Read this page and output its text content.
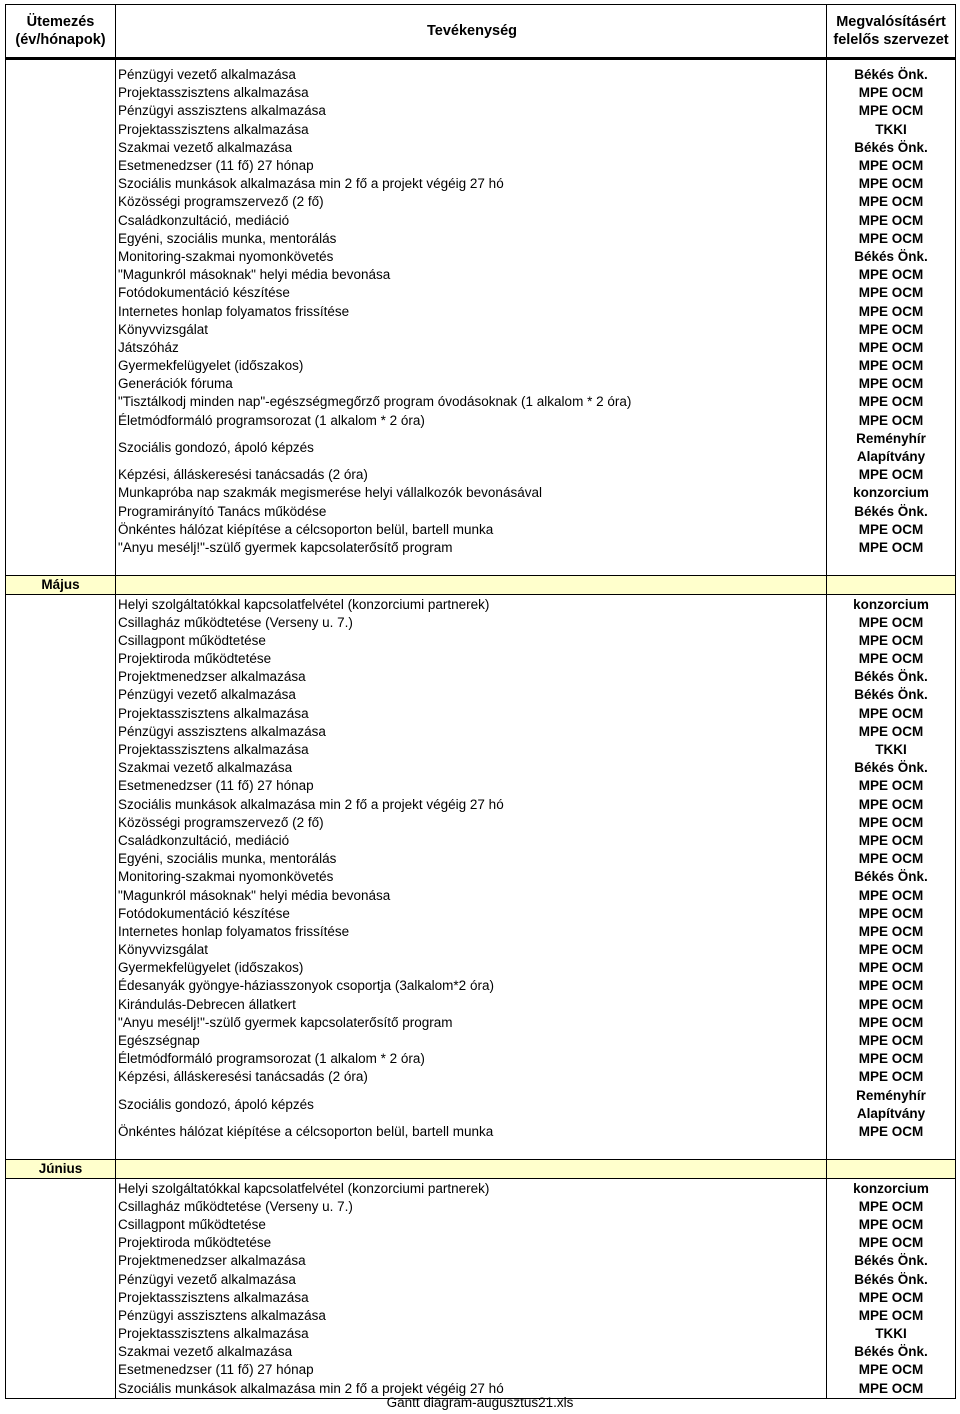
Ütemezés (év/hónapok)	Tevékenység	Megvalósításért felelős szervezet

	Pénzügyi vezető alkalmazása	Békés Önk.
	Projektasszisztens alkalmazása	MPE OCM
	Pénzügyi asszisztens alkalmazása	MPE OCM
	Projektasszisztens alkalmazása	TKKI
	Szakmai vezető alkalmazása	Békés Önk.
	Esetmenedzser (11 fő) 27 hónap	MPE OCM
	Szociális munkások alkalmazása min 2 fő a projekt végéig 27 hó	MPE OCM
	Közösségi programszervező (2 fő)	MPE OCM
	Családkonzultáció, mediáció	MPE OCM
	Egyéni, szociális munka, mentorálás	MPE OCM
	Monitoring-szakmai nyomonkövetés	Békés Önk.
	"Magunkról másoknak" helyi média bevonása	MPE OCM
	Fotódokumentáció készítése	MPE OCM
	Internetes honlap folyamatos frissítése	MPE OCM
	Könyvvizsgálat	MPE OCM
	Játszóház	MPE OCM
	Gyermekfelügyelet (időszakos)	MPE OCM
	Generációk fóruma	MPE OCM
	"Tisztálkodj minden nap"-egészségmegőrző program óvodásoknak (1 alkalom * 2 óra)	MPE OCM
	Életmódformáló programsorozat (1 alkalom * 2 óra)	MPE OCM
	Szociális gondozó, ápoló képzés	Reményhír Alapítvány
	Képzési, álláskeresési tanácsadás (2 óra)	MPE OCM
	Munkapróba nap szakmák megismerése helyi vállalkozók bevonásával	konzorcium
	Programirányító Tanács működése	Békés Önk.
	Önkéntes hálózat kiépítése a célcsoporton belül, bartell munka	MPE OCM
	"Anyu mesélj!"-szülő gyermek kapcsolaterősítő program	MPE OCM

Május		
	Helyi szolgáltatókkal kapcsolatfelvétel (konzorciumi partnerek)	konzorcium
	Csillagház működtetése (Verseny u. 7.)	MPE OCM
	Csillagpont működtetése	MPE OCM
	Projektiroda működtetése	MPE OCM
	Projektmenedzser alkalmazása	Békés Önk.
	Pénzügyi vezető alkalmazása	Békés Önk.
	Projektasszisztens alkalmazása	MPE OCM
	Pénzügyi asszisztens alkalmazása	MPE OCM
	Projektasszisztens alkalmazása	TKKI
	Szakmai vezető alkalmazása	Békés Önk.
	Esetmenedzser (11 fő) 27 hónap	MPE OCM
	Szociális munkások alkalmazása min 2 fő a projekt végéig 27 hó	MPE OCM
	Közösségi programszervező (2 fő)	MPE OCM
	Családkonzultáció, mediáció	MPE OCM
	Egyéni, szociális munka, mentorálás	MPE OCM
	Monitoring-szakmai nyomonkövetés	Békés Önk.
	"Magunkról másoknak" helyi média bevonása	MPE OCM
	Fotódokumentáció készítése	MPE OCM
	Internetes honlap folyamatos frissítése	MPE OCM
	Könyvvizsgálat	MPE OCM
	Gyermekfelügyelet (időszakos)	MPE OCM
	Édesanyák gyöngye-háziasszonyok csoportja (3alkalom*2 óra)	MPE OCM
	Kirándulás-Debrecen állatkert	MPE OCM
	"Anyu mesélj!"-szülő gyermek kapcsolaterősítő program	MPE OCM
	Egészségnap	MPE OCM
	Életmódformáló programsorozat (1 alkalom * 2 óra)	MPE OCM
	Képzési, álláskeresési tanácsadás (2 óra)	MPE OCM
	Szociális gondozó, ápoló képzés	Reményhír Alapítvány
	Önkéntes hálózat kiépítése a célcsoporton belül, bartell munka	MPE OCM

Június		
	Helyi szolgáltatókkal kapcsolatfelvétel (konzorciumi partnerek)	konzorcium
	Csillagház működtetése (Verseny u. 7.)	MPE OCM
	Csillagpont működtetése	MPE OCM
	Projektiroda működtetése	MPE OCM
	Projektmenedzser alkalmazása	Békés Önk.
	Pénzügyi vezető alkalmazása	Békés Önk.
	Projektasszisztens alkalmazása	MPE OCM
	Pénzügyi asszisztens alkalmazása	MPE OCM
	Projektasszisztens alkalmazása	TKKI
	Szakmai vezető alkalmazása	Békés Önk.
	Esetmenedzser (11 fő) 27 hónap	MPE OCM
	Szociális munkások alkalmazása min 2 fő a projekt végéig 27 hó	MPE OCM
Gantt diagram-augusztus21.xls
